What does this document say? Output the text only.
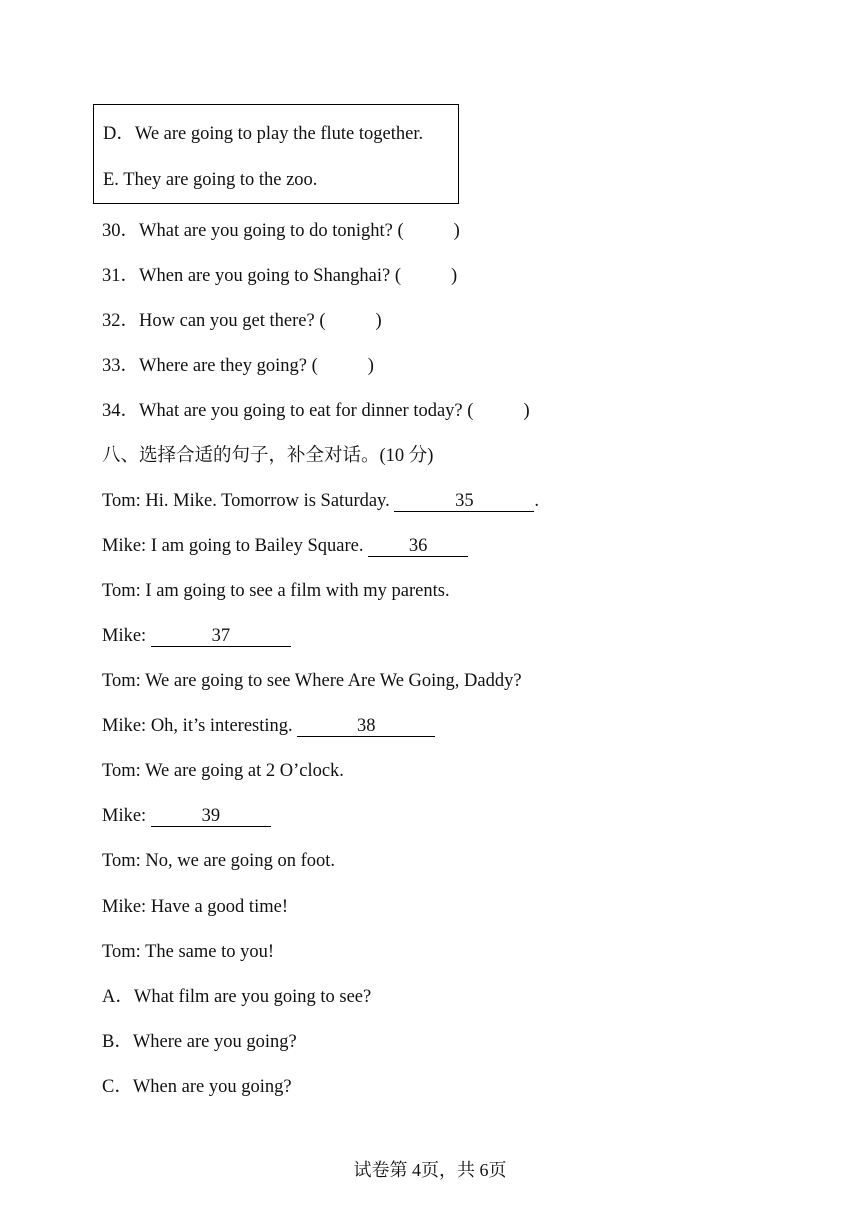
D．We are going to play the flute together.
E. They are going to the zoo.
30．What are you going to do tonight? (	)
31．When are you going to Shanghai? (	)
32．How can you get there? (	)
33．Where are they going? (	)
34．What are you going to eat for dinner today? (	)
八、选择合适的句子，补全对话。(10 分)
Tom: Hi. Mike. Tomorrow is Saturday.	35	.
Mike: I am going to Bailey Square. 36
Tom: I am going to see a film with my parents.
Mike:	37
Tom: We are going to see Where Are We Going, Daddy?
Mike: Oh, it’s interesting.	38
Tom: We are going at 2 O’clock.
Mike:	39
Tom: No, we are going on foot.
Mike: Have a good time!
Tom: The same to you!
A．What film are you going to see?
B．Where are you going?
C．When are you going?
试卷第 4页，共 6页
